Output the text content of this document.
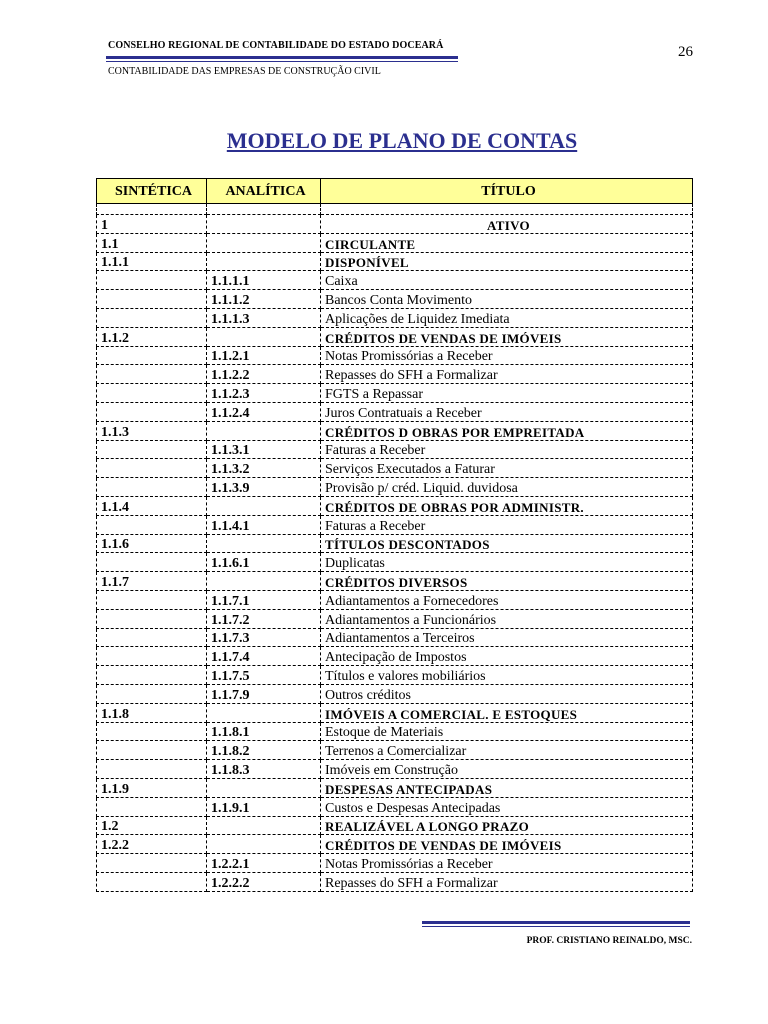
CONSELHO REGIONAL DE CONTABILIDADE DO ESTADO DOCEARÁ	26
CONTABILIDADE DAS EMPRESAS DE CONSTRUÇÃO CIVIL
MODELO DE PLANO DE CONTAS
SINTÉTICA	ANALÍTICA	TÍTULO

1		ATIVO
1.1		CIRCULANTE
1.1.1		DISPONÍVEL
	1.1.1.1	Caixa
	1.1.1.2	Bancos Conta Movimento
	1.1.1.3	Aplicações de Liquidez Imediata
1.1.2		CRÉDITOS DE VENDAS DE IMÓVEIS
	1.1.2.1	Notas Promissórias a Receber
	1.1.2.2	Repasses do SFH a Formalizar
	1.1.2.3	FGTS a Repassar
	1.1.2.4	Juros Contratuais a Receber
1.1.3		CRÉDITOS D OBRAS POR EMPREITADA
	1.1.3.1	Faturas a Receber
	1.1.3.2	Serviços Executados a Faturar
	1.1.3.9	Provisão p/ créd. Liquid. duvidosa
1.1.4		CRÉDITOS DE OBRAS POR ADMINISTR.
	1.1.4.1	Faturas a Receber
1.1.6		TÍTULOS DESCONTADOS
	1.1.6.1	Duplicatas
1.1.7		CRÉDITOS DIVERSOS
	1.1.7.1	Adiantamentos a Fornecedores
	1.1.7.2	Adiantamentos a Funcionários
	1.1.7.3	Adiantamentos a Terceiros
	1.1.7.4	Antecipação de Impostos
	1.1.7.5	Títulos e valores mobiliários
	1.1.7.9	Outros créditos
1.1.8		IMÓVEIS A COMERCIAL. E ESTOQUES
	1.1.8.1	Estoque de Materiais
	1.1.8.2	Terrenos a Comercializar
	1.1.8.3	Imóveis em Construção
1.1.9		DESPESAS ANTECIPADAS
	1.1.9.1	Custos e Despesas Antecipadas
1.2		REALIZÁVEL A LONGO PRAZO
1.2.2		CRÉDITOS DE VENDAS DE IMÓVEIS
	1.2.2.1	Notas Promissórias a Receber
	1.2.2.2	Repasses do SFH a Formalizar
PROF. CRISTIANO REINALDO, MSC.
